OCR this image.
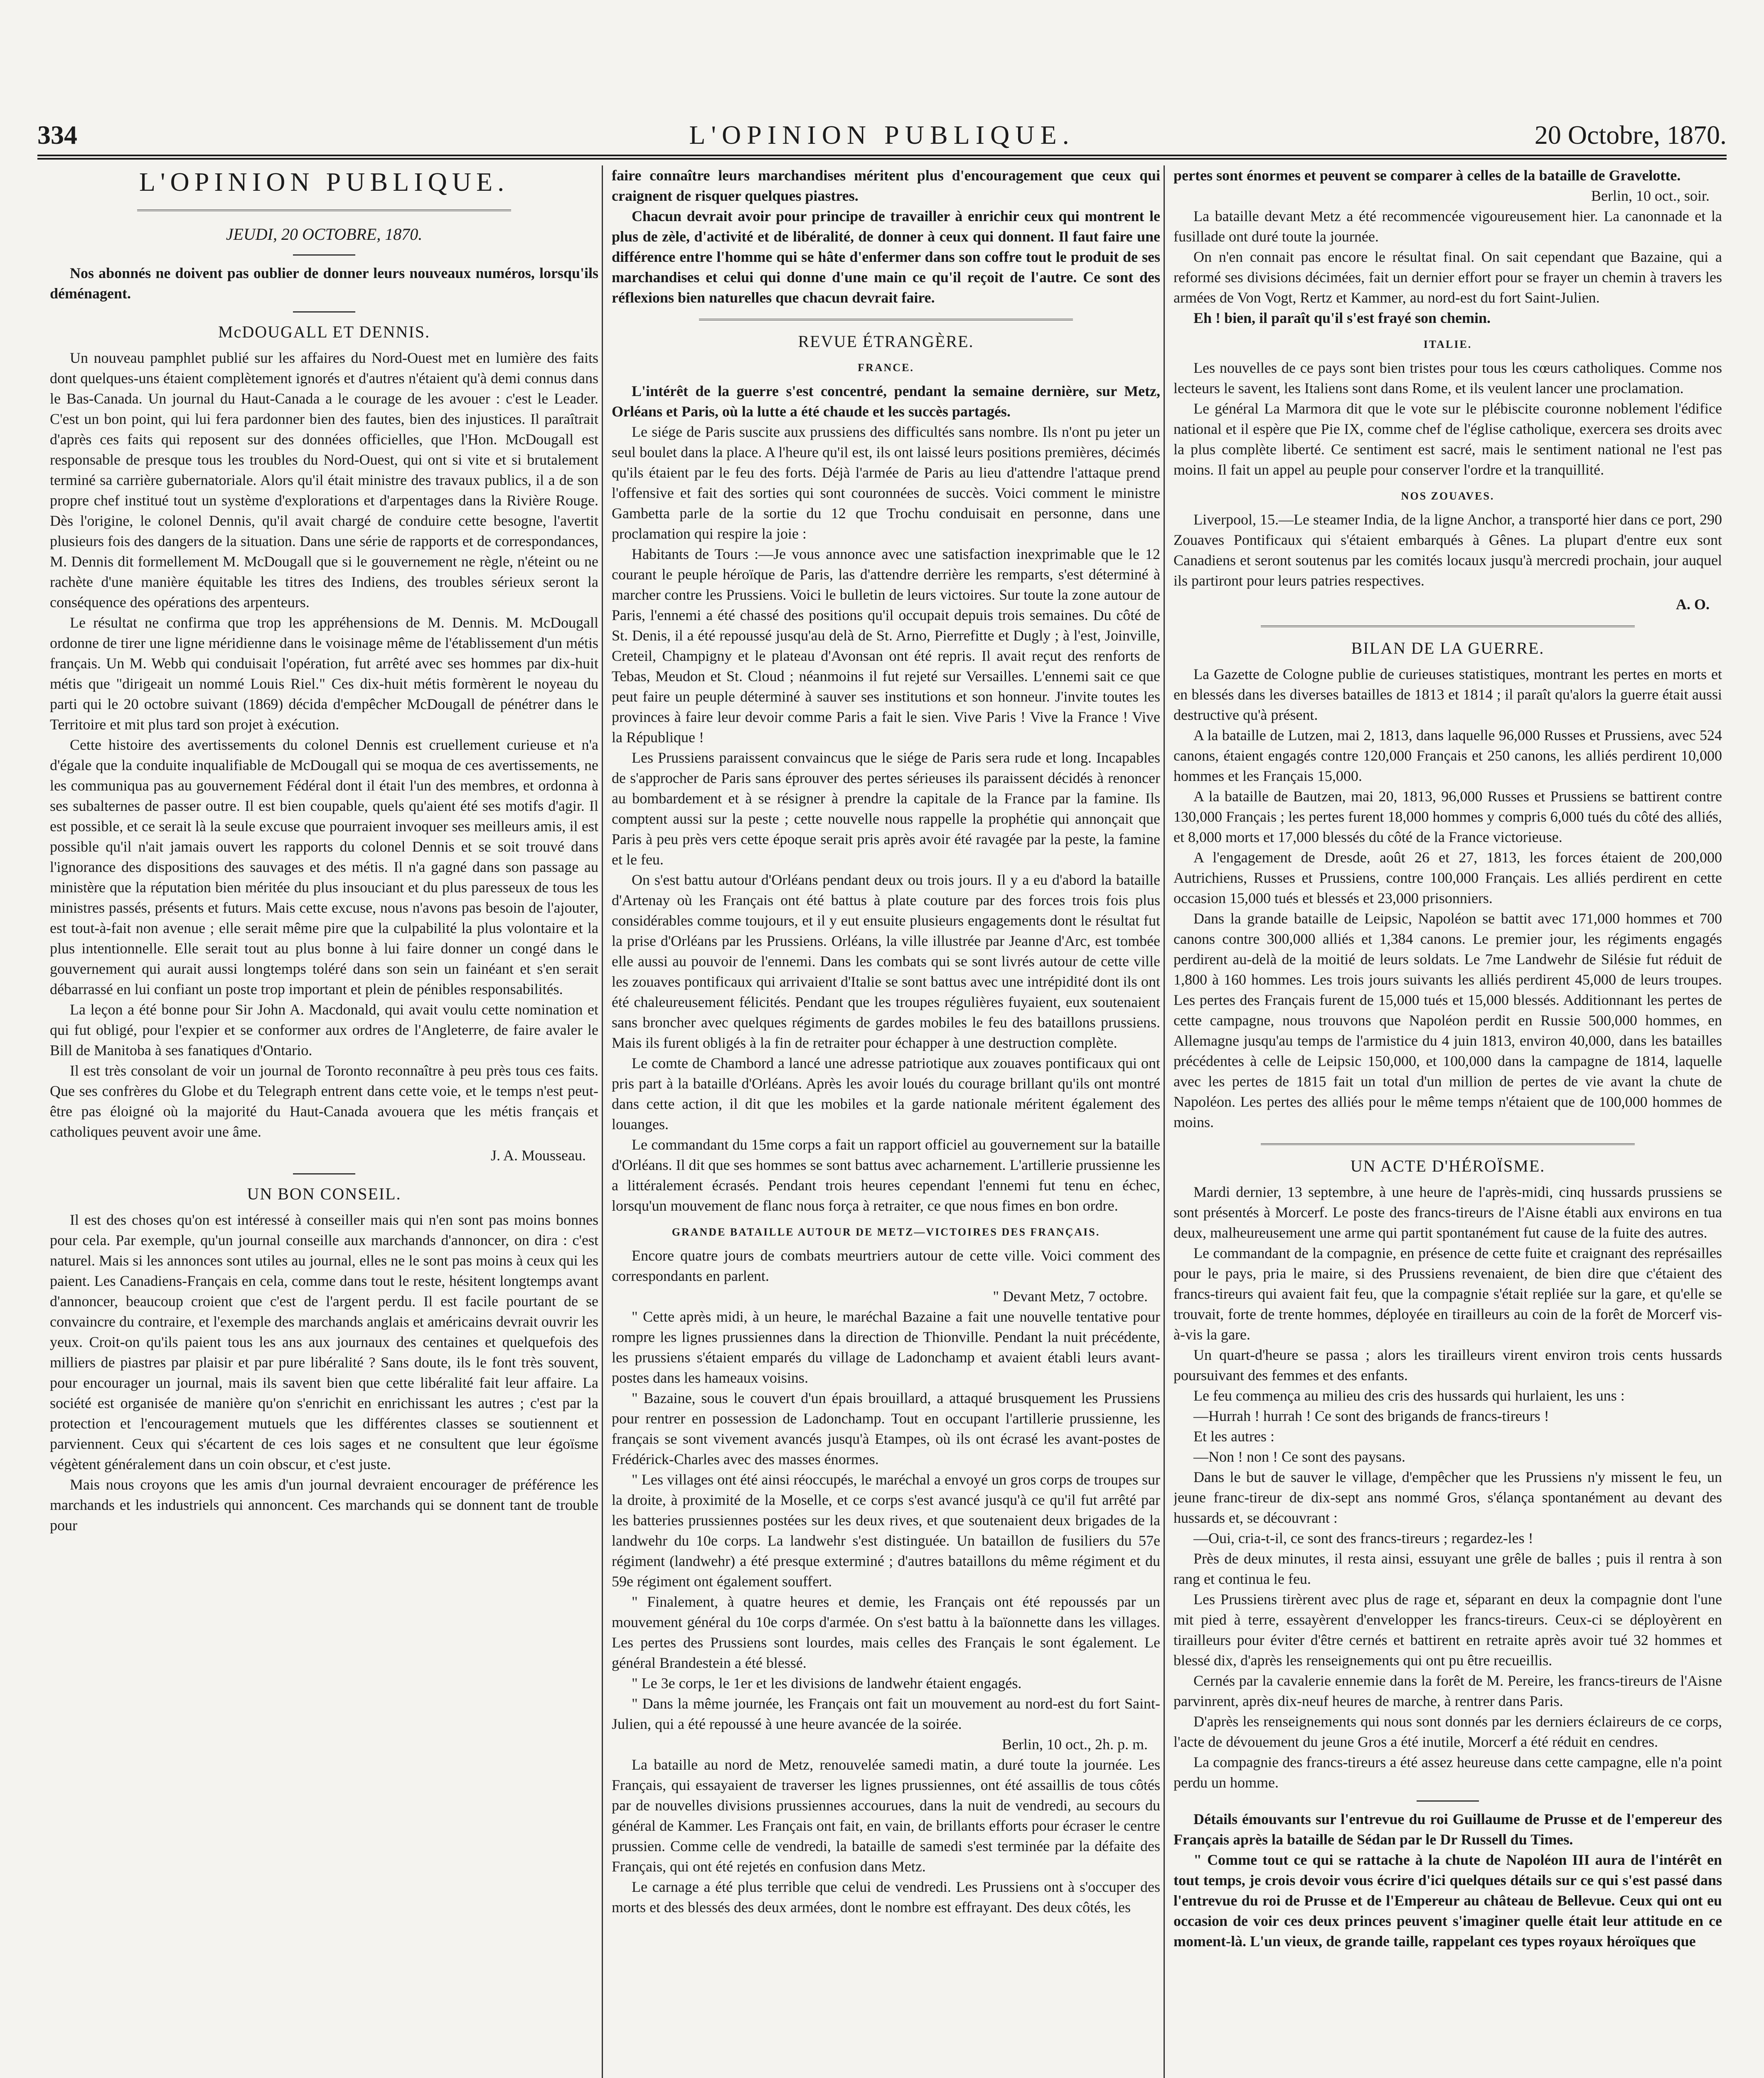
334	L'OPINION PUBLIQUE.	20 Octobre, 1870.
L'OPINION PUBLIQUE.
JEUDI, 20 OCTOBRE, 1870.

Nos abonnés ne doivent pas oublier de donner leurs nouveaux numéros, lorsqu'ils déménagent.

McDOUGALL ET DENNIS.

Un nouveau pamphlet publié sur les affaires du Nord-Ouest met en lumière des faits dont quelques-uns étaient complètement ignorés et d'autres n'étaient qu'à demi connus dans le Bas-Canada. Un journal du Haut-Canada a le courage de les avouer : c'est le Leader. C'est un bon point, qui lui fera pardonner bien des fautes, bien des injustices. Il paraîtrait d'après ces faits qui reposent sur des données officielles, que l'Hon. McDougall est responsable de presque tous les troubles du Nord-Ouest, qui ont si vite et si brutalement terminé sa carrière gubernatoriale. Alors qu'il était ministre des travaux publics, il a de son propre chef institué tout un système d'explorations et d'arpentages dans la Rivière Rouge. Dès l'origine, le colonel Dennis, qu'il avait chargé de conduire cette besogne, l'avertit plusieurs fois des dangers de la situation. Dans une série de rapports et de correspondances, M. Dennis dit formellement M. McDougall que si le gouvernement ne règle, n'éteint ou ne rachète d'une manière équitable les titres des Indiens, des troubles sérieux seront la conséquence des opérations des arpenteurs.

Le résultat ne confirma que trop les appréhensions de M. Dennis. M. McDougall ordonne de tirer une ligne méridienne dans le voisinage même de l'établissement d'un métis français. Un M. Webb qui conduisait l'opération, fut arrêté avec ses hommes par dix-huit métis que "dirigeait un nommé Louis Riel." Ces dix-huit métis formèrent le noyeau du parti qui le 20 octobre suivant (1869) décida d'empêcher McDougall de pénétrer dans le Territoire et mit plus tard son projet à exécution.

Cette histoire des avertissements du colonel Dennis est cruellement curieuse et n'a d'égale que la conduite inqualifiable de McDougall qui se moqua de ces avertissements, ne les communiqua pas au gouvernement Fédéral dont il était l'un des membres, et ordonna à ses subalternes de passer outre. Il est bien coupable, quels qu'aient été ses motifs d'agir. Il est possible, et ce serait là la seule excuse que pourraient invoquer ses meilleurs amis, il est possible qu'il n'ait jamais ouvert les rapports du colonel Dennis et se soit trouvé dans l'ignorance des dispositions des sauvages et des métis. Il n'a gagné dans son passage au ministère que la réputation bien méritée du plus insouciant et du plus paresseux de tous les ministres passés, présents et futurs. Mais cette excuse, nous n'avons pas besoin de l'ajouter, est tout-à-fait non avenue ; elle serait même pire que la culpabilité la plus volontaire et la plus intentionnelle. Elle serait tout au plus bonne à lui faire donner un congé dans le gouvernement qui aurait aussi longtemps toléré dans son sein un fainéant et s'en serait débarrassé en lui confiant un poste trop important et plein de pénibles responsabilités.

La leçon a été bonne pour Sir John A. Macdonald, qui avait voulu cette nomination et qui fut obligé, pour l'expier et se conformer aux ordres de l'Angleterre, de faire avaler le Bill de Manitoba à ses fanatiques d'Ontario.

Il est très consolant de voir un journal de Toronto reconnaître à peu près tous ces faits. Que ses confrères du Globe et du Telegraph entrent dans cette voie, et le temps n'est peut-être pas éloigné où la majorité du Haut-Canada avouera que les métis français et catholiques peuvent avoir une âme.

J. A. Mousseau.

UN BON CONSEIL.

Il est des choses qu'on est intéressé à conseiller mais qui n'en sont pas moins bonnes pour cela. Par exemple, qu'un journal conseille aux marchands d'annoncer, on dira : c'est naturel. Mais si les annonces sont utiles au journal, elles ne le sont pas moins à ceux qui les paient. Les Canadiens-Français en cela, comme dans tout le reste, hésitent longtemps avant d'annoncer, beaucoup croient que c'est de l'argent perdu. Il est facile pourtant de se convaincre du contraire, et l'exemple des marchands anglais et américains devrait ouvrir les yeux. Croit-on qu'ils paient tous les ans aux journaux des centaines et quelquefois des milliers de piastres par plaisir et par pure libéralité ? Sans doute, ils le font très souvent, pour encourager un journal, mais ils savent bien que cette libéralité fait leur affaire. La société est organisée de manière qu'on s'enrichit en enrichissant les autres ; c'est par la protection et l'encouragement mutuels que les différentes classes se soutiennent et parviennent. Ceux qui s'écartent de ces lois sages et ne consultent que leur égoïsme végètent généralement dans un coin obscur, et c'est juste.

Mais nous croyons que les amis d'un journal devraient encourager de préférence les marchands et les industriels qui annoncent. Ces marchands qui se donnent tant de trouble pour

faire connaître leurs marchandises méritent plus d'encouragement que ceux qui craignent de risquer quelques piastres.

Chacun devrait avoir pour principe de travailler à enrichir ceux qui montrent le plus de zèle, d'activité et de libéralité, de donner à ceux qui donnent. Il faut faire une différence entre l'homme qui se hâte d'enfermer dans son coffre tout le produit de ses marchandises et celui qui donne d'une main ce qu'il reçoit de l'autre. Ce sont des réflexions bien naturelles que chacun devrait faire.

REVUE ÉTRANGÈRE.
FRANCE.

L'intérêt de la guerre s'est concentré, pendant la semaine dernière, sur Metz, Orléans et Paris, où la lutte a été chaude et les succès partagés.

Le siége de Paris suscite aux prussiens des difficultés sans nombre. Ils n'ont pu jeter un seul boulet dans la place. A l'heure qu'il est, ils ont laissé leurs positions premières, décimés qu'ils étaient par le feu des forts. Déjà l'armée de Paris au lieu d'attendre l'attaque prend l'offensive et fait des sorties qui sont couronnées de succès. Voici comment le ministre Gambetta parle de la sortie du 12 que Trochu conduisait en personne, dans une proclamation qui respire la joie :

Habitants de Tours :—Je vous annonce avec une satisfaction inexprimable que le 12 courant le peuple héroïque de Paris, las d'attendre derrière les remparts, s'est déterminé à marcher contre les Prussiens. Voici le bulletin de leurs victoires. Sur toute la zone autour de Paris, l'ennemi a été chassé des positions qu'il occupait depuis trois semaines. Du côté de St. Denis, il a été repoussé jusqu'au delà de St. Arno, Pierrefitte et Dugly ; à l'est, Joinville, Creteil, Champigny et le plateau d'Avonsan ont été repris. Il avait reçut des renforts de Tebas, Meudon et St. Cloud ; néanmoins il fut rejeté sur Versailles. L'ennemi sait ce que peut faire un peuple déterminé à sauver ses institutions et son honneur. J'invite toutes les provinces à faire leur devoir comme Paris a fait le sien. Vive Paris ! Vive la France ! Vive la République !

Les Prussiens paraissent convaincus que le siége de Paris sera rude et long. Incapables de s'approcher de Paris sans éprouver des pertes sérieuses ils paraissent décidés à renoncer au bombardement et à se résigner à prendre la capitale de la France par la famine. Ils comptent aussi sur la peste ; cette nouvelle nous rappelle la prophétie qui annonçait que Paris à peu près vers cette époque serait pris après avoir été ravagée par la peste, la famine et le feu.

On s'est battu autour d'Orléans pendant deux ou trois jours. Il y a eu d'abord la bataille d'Artenay où les Français ont été battus à plate couture par des forces trois fois plus considérables comme toujours, et il y eut ensuite plusieurs engagements dont le résultat fut la prise d'Orléans par les Prussiens. Orléans, la ville illustrée par Jeanne d'Arc, est tombée elle aussi au pouvoir de l'ennemi. Dans les combats qui se sont livrés autour de cette ville les zouaves pontificaux qui arrivaient d'Italie se sont battus avec une intrépidité dont ils ont été chaleureusement félicités. Pendant que les troupes régulières fuyaient, eux soutenaient sans broncher avec quelques régiments de gardes mobiles le feu des bataillons prussiens. Mais ils furent obligés à la fin de retraiter pour échapper à une destruction complète.

Le comte de Chambord a lancé une adresse patriotique aux zouaves pontificaux qui ont pris part à la bataille d'Orléans. Après les avoir loués du courage brillant qu'ils ont montré dans cette action, il dit que les mobiles et la garde nationale méritent également des louanges.

Le commandant du 15me corps a fait un rapport officiel au gouvernement sur la bataille d'Orléans. Il dit que ses hommes se sont battus avec acharnement. L'artillerie prussienne les a littéralement écrasés. Pendant trois heures cependant l'ennemi fut tenu en échec, lorsqu'un mouvement de flanc nous força à retraiter, ce que nous fimes en bon ordre.

GRANDE BATAILLE AUTOUR DE METZ—VICTOIRES DES FRANÇAIS.

Encore quatre jours de combats meurtriers autour de cette ville. Voici comment des correspondants en parlent.

" Devant Metz, 7 octobre.

" Cette après midi, à un heure, le maréchal Bazaine a fait une nouvelle tentative pour rompre les lignes prussiennes dans la direction de Thionville. Pendant la nuit précédente, les prussiens s'étaient emparés du village de Ladonchamp et avaient établi leurs avant-postes dans les hameaux voisins.

" Bazaine, sous le couvert d'un épais brouillard, a attaqué brusquement les Prussiens pour rentrer en possession de Ladonchamp. Tout en occupant l'artillerie prussienne, les français se sont vivement avancés jusqu'à Etampes, où ils ont écrasé les avant-postes de Frédérick-Charles avec des masses énormes.

" Les villages ont été ainsi réoccupés, le maréchal a envoyé un gros corps de troupes sur la droite, à proximité de la Moselle, et ce corps s'est avancé jusqu'à ce qu'il fut arrêté par les batteries prussiennes postées sur les deux rives, et que soutenaient deux brigades de la landwehr du 10e corps. La landwehr s'est distinguée. Un bataillon de fusiliers du 57e régiment (landwehr) a été presque exterminé ; d'autres bataillons du même régiment et du 59e régiment ont également souffert.

" Finalement, à quatre heures et demie, les Français ont été repoussés par un mouvement général du 10e corps d'armée. On s'est battu à la baïonnette dans les villages. Les pertes des Prussiens sont lourdes, mais celles des Français le sont également. Le général Brandestein a été blessé.

" Le 3e corps, le 1er et les divisions de landwehr étaient engagés.

" Dans la même journée, les Français ont fait un mouvement au nord-est du fort Saint-Julien, qui a été repoussé à une heure avancée de la soirée.

Berlin, 10 oct., 2h. p. m.

La bataille au nord de Metz, renouvelée samedi matin, a duré toute la journée. Les Français, qui essayaient de traverser les lignes prussiennes, ont été assaillis de tous côtés par de nouvelles divisions prussiennes accourues, dans la nuit de vendredi, au secours du général de Kammer. Les Français ont fait, en vain, de brillants efforts pour écraser le centre prussien. Comme celle de vendredi, la bataille de samedi s'est terminée par la défaite des Français, qui ont été rejetés en confusion dans Metz.

Le carnage a été plus terrible que celui de vendredi. Les Prussiens ont à s'occuper des morts et des blessés des deux armées, dont le nombre est effrayant. Des deux côtés, les

pertes sont énormes et peuvent se comparer à celles de la bataille de Gravelotte.

Berlin, 10 oct., soir.

La bataille devant Metz a été recommencée vigoureusement hier. La canonnade et la fusillade ont duré toute la journée.

On n'en connait pas encore le résultat final. On sait cependant que Bazaine, qui a reformé ses divisions décimées, fait un dernier effort pour se frayer un chemin à travers les armées de Von Vogt, Rertz et Kammer, au nord-est du fort Saint-Julien.

Eh ! bien, il paraît qu'il s'est frayé son chemin.

ITALIE.

Les nouvelles de ce pays sont bien tristes pour tous les cœurs catholiques. Comme nos lecteurs le savent, les Italiens sont dans Rome, et ils veulent lancer une proclamation.

Le général La Marmora dit que le vote sur le plébiscite couronne noblement l'édifice national et il espère que Pie IX, comme chef de l'église catholique, exercera ses droits avec la plus complète liberté. Ce sentiment est sacré, mais le sentiment national ne l'est pas moins. Il fait un appel au peuple pour conserver l'ordre et la tranquillité.

NOS ZOUAVES.

Liverpool, 15.—Le steamer India, de la ligne Anchor, a transporté hier dans ce port, 290 Zouaves Pontificaux qui s'étaient embarqués à Gênes. La plupart d'entre eux sont Canadiens et seront soutenus par les comités locaux jusqu'à mercredi prochain, jour auquel ils partiront pour leurs patries respectives.

A. O.

BILAN DE LA GUERRE.

La Gazette de Cologne publie de curieuses statistiques, montrant les pertes en morts et en blessés dans les diverses batailles de 1813 et 1814 ; il paraît qu'alors la guerre était aussi destructive qu'à présent.

A la bataille de Lutzen, mai 2, 1813, dans laquelle 96,000 Russes et Prussiens, avec 524 canons, étaient engagés contre 120,000 Français et 250 canons, les alliés perdirent 10,000 hommes et les Français 15,000.

A la bataille de Bautzen, mai 20, 1813, 96,000 Russes et Prussiens se battirent contre 130,000 Français ; les pertes furent 18,000 hommes y compris 6,000 tués du côté des alliés, et 8,000 morts et 17,000 blessés du côté de la France victorieuse.

A l'engagement de Dresde, août 26 et 27, 1813, les forces étaient de 200,000 Autrichiens, Russes et Prussiens, contre 100,000 Français. Les alliés perdirent en cette occasion 15,000 tués et blessés et 23,000 prisonniers.

Dans la grande bataille de Leipsic, Napoléon se battit avec 171,000 hommes et 700 canons contre 300,000 alliés et 1,384 canons. Le premier jour, les régiments engagés perdirent au-delà de la moitié de leurs soldats. Le 7me Landwehr de Silésie fut réduit de 1,800 à 160 hommes. Les trois jours suivants les alliés perdirent 45,000 de leurs troupes. Les pertes des Français furent de 15,000 tués et 15,000 blessés. Additionnant les pertes de cette campagne, nous trouvons que Napoléon perdit en Russie 500,000 hommes, en Allemagne jusqu'au temps de l'armistice du 4 juin 1813, environ 40,000, dans les batailles précédentes à celle de Leipsic 150,000, et 100,000 dans la campagne de 1814, laquelle avec les pertes de 1815 fait un total d'un million de pertes de vie avant la chute de Napoléon. Les pertes des alliés pour le même temps n'étaient que de 100,000 hommes de moins.

UN ACTE D'HÉROÏSME.

Mardi dernier, 13 septembre, à une heure de l'après-midi, cinq hussards prussiens se sont présentés à Morcerf. Le poste des francs-tireurs de l'Aisne établi aux environs en tua deux, malheureusement une arme qui partit spontanément fut cause de la fuite des autres.

Le commandant de la compagnie, en présence de cette fuite et craignant des représailles pour le pays, pria le maire, si des Prussiens revenaient, de bien dire que c'étaient des francs-tireurs qui avaient fait feu, que la compagnie s'était repliée sur la gare, et qu'elle se trouvait, forte de trente hommes, déployée en tirailleurs au coin de la forêt de Morcerf vis-à-vis la gare.

Un quart-d'heure se passa ; alors les tirailleurs virent environ trois cents hussards poursuivant des femmes et des enfants.

Le feu commença au milieu des cris des hussards qui hurlaient, les uns :

—Hurrah ! hurrah ! Ce sont des brigands de francs-tireurs !

Et les autres :

—Non ! non ! Ce sont des paysans.

Dans le but de sauver le village, d'empêcher que les Prussiens n'y missent le feu, un jeune franc-tireur de dix-sept ans nommé Gros, s'élança spontanément au devant des hussards et, se découvrant :

—Oui, cria-t-il, ce sont des francs-tireurs ; regardez-les !

Près de deux minutes, il resta ainsi, essuyant une grêle de balles ; puis il rentra à son rang et continua le feu.

Les Prussiens tirèrent avec plus de rage et, séparant en deux la compagnie dont l'une mit pied à terre, essayèrent d'envelopper les francs-tireurs. Ceux-ci se déployèrent en tirailleurs pour éviter d'être cernés et battirent en retraite après avoir tué 32 hommes et blessé dix, d'après les renseignements qui ont pu être recueillis.

Cernés par la cavalerie ennemie dans la forêt de M. Pereire, les francs-tireurs de l'Aisne parvinrent, après dix-neuf heures de marche, à rentrer dans Paris.

D'après les renseignements qui nous sont donnés par les derniers éclaireurs de ce corps, l'acte de dévouement du jeune Gros a été inutile, Morcerf a été réduit en cendres.

La compagnie des francs-tireurs a été assez heureuse dans cette campagne, elle n'a point perdu un homme.

Détails émouvants sur l'entrevue du roi Guillaume de Prusse et de l'empereur des Français après la bataille de Sédan par le Dr Russell du Times.

" Comme tout ce qui se rattache à la chute de Napoléon III aura de l'intérêt en tout temps, je crois devoir vous écrire d'ici quelques détails sur ce qui s'est passé dans l'entrevue du roi de Prusse et de l'Empereur au château de Bellevue. Ceux qui ont eu occasion de voir ces deux princes peuvent s'imaginer quelle était leur attitude en ce moment-là. L'un vieux, de grande taille, rappelant ces types royaux héroïques que
